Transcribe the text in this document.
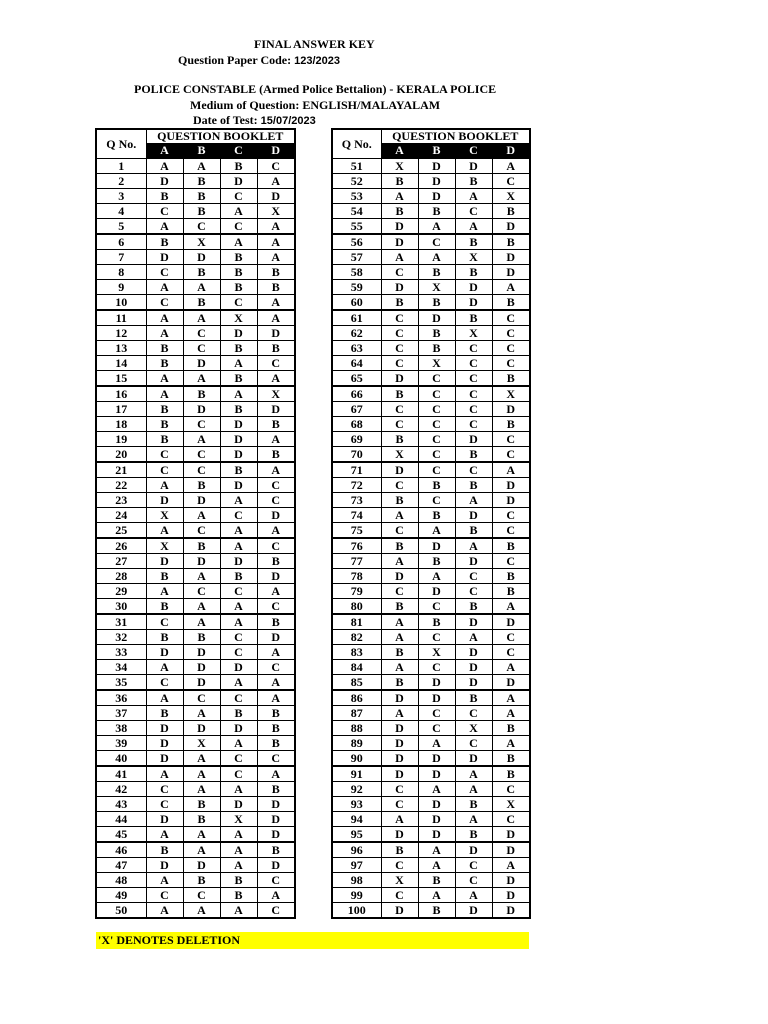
FINAL ANSWER KEY
Question Paper Code: 123/2023
POLICE CONSTABLE (Armed Police Bettalion) - KERALA POLICE
Medium of Question: ENGLISH/MALAYALAM
Date of Test: 15/07/2023
Q No.	QUESTION BOOKLET			
	A	B	C	D
1	A	A	B	C
2	D	B	D	A
3	B	B	C	D
4	C	B	A	X
5	A	C	C	A
6	B	X	A	A
7	D	D	B	A
8	C	B	B	B
9	A	A	B	B
10	C	B	C	A
11	A	A	X	A
12	A	C	D	D
13	B	C	B	B
14	B	D	A	C
15	A	A	B	A
16	A	B	A	X
17	B	D	B	D
18	B	C	D	B
19	B	A	D	A
20	C	C	D	B
21	C	C	B	A
22	A	B	D	C
23	D	D	A	C
24	X	A	C	D
25	A	C	A	A
26	X	B	A	C
27	D	D	D	B
28	B	A	B	D
29	A	C	C	A
30	B	A	A	C
31	C	A	A	B
32	B	B	C	D
33	D	D	C	A
34	A	D	D	C
35	C	D	A	A
36	A	C	C	A
37	B	A	B	B
38	D	D	D	B
39	D	X	A	B
40	D	A	C	C
41	A	A	C	A
42	C	A	A	B
43	C	B	D	D
44	D	B	X	D
45	A	A	A	D
46	B	A	A	B
47	D	D	A	D
48	A	B	B	C
49	C	C	B	A
50	A	A	A	C
Q No.	QUESTION BOOKLET			
	A	B	C	D
51	X	D	D	A
52	B	D	B	C
53	A	D	A	X
54	B	B	C	B
55	D	A	A	D
56	D	C	B	B
57	A	A	X	D
58	C	B	B	D
59	D	X	D	A
60	B	B	D	B
61	C	D	B	C
62	C	B	X	C
63	C	B	C	C
64	C	X	C	C
65	D	C	C	B
66	B	C	C	X
67	C	C	C	D
68	C	C	C	B
69	B	C	D	C
70	X	C	B	C
71	D	C	C	A
72	C	B	B	D
73	B	C	A	D
74	A	B	D	C
75	C	A	B	C
76	B	D	A	B
77	A	B	D	C
78	D	A	C	B
79	C	D	C	B
80	B	C	B	A
81	A	B	D	D
82	A	C	A	C
83	B	X	D	C
84	A	C	D	A
85	B	D	D	D
86	D	D	B	A
87	A	C	C	A
88	D	C	X	B
89	D	A	C	A
90	D	D	D	B
91	D	D	A	B
92	C	A	A	C
93	C	D	B	X
94	A	D	A	C
95	D	D	B	D
96	B	A	D	D
97	C	A	C	A
98	X	B	C	D
99	C	A	A	D
100	D	B	D	D
'X' DENOTES DELETION
